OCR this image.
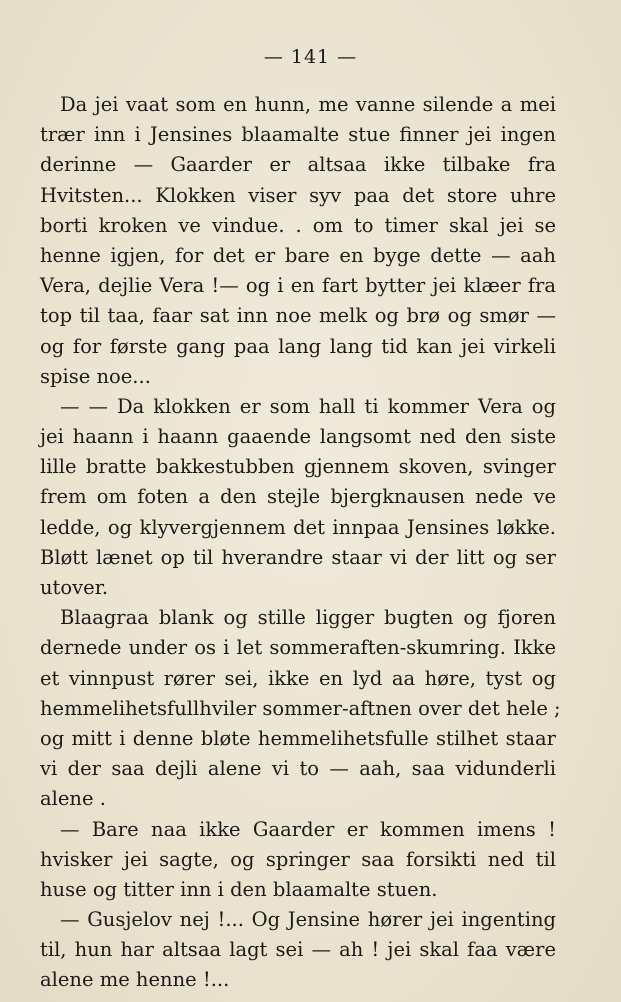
— 141 —
Da jei vaat som en hunn, me vanne silende a mei
trær inn i Jensines blaamalte stue finner jei ingen
derinne — Gaarder er altsaa ikke tilbake fra
Hvitsten... Klokken viser syv paa det store uhre
borti kroken ve vindue. . om to timer skal jei se
henne igjen, for det er bare en byge dette — aah
Vera, dejlie Vera !— og i en fart bytter jei klæer fra
top til taa, faar sat inn noe melk og brø og smør —
og for første gang paa lang lang tid kan jei virkeli
spise noe...
— — Da klokken er som hall ti kommer Vera og
jei haann i haann gaaende langsomt ned den siste
lille bratte bakkestubben gjennem skoven, svinger
frem om foten a den stejle bjergknausen nede ve
ledde, og klyvergjennem det innpaa Jensines løkke.
Bløtt lænet op til hverandre staar vi der litt og ser
utover.
Blaagraa blank og stille ligger bugten og fjoren
dernede under os i let sommeraften-skumring. Ikke
et vinnpust rører sei, ikke en lyd aa høre, tyst og
hemmelihetsfullhviler sommer-aftnen over det hele ;
og mitt i denne bløte hemmelihetsfulle stilhet staar
vi der saa dejli alene vi to — aah, saa vidunderli
alene .
— Bare naa ikke Gaarder er kommen imens !
hvisker jei sagte, og springer saa forsikti ned til
huse og titter inn i den blaamalte stuen.
— Gusjelov nej !... Og Jensine hører jei ingenting
til, hun har altsaa lagt sei — ah ! jei skal faa være
alene me henne !...
